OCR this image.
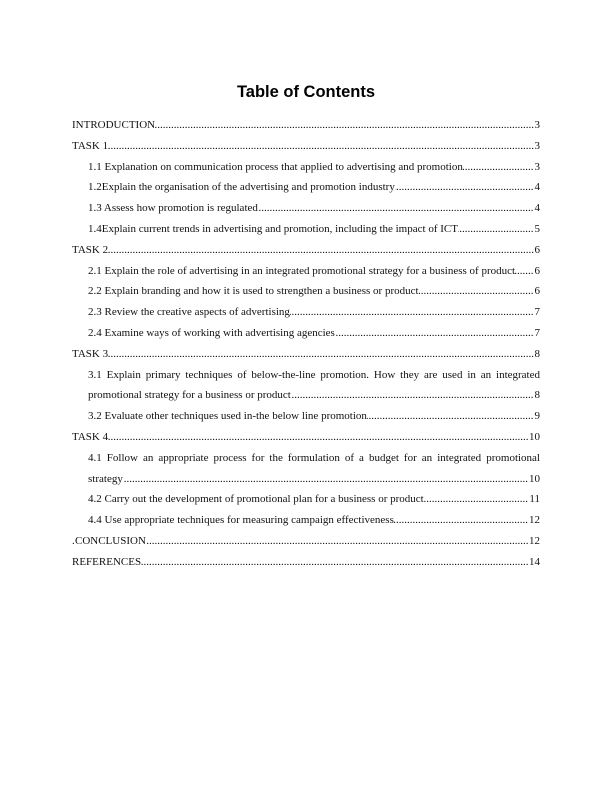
Table of Contents
INTRODUCTION	3
.....
TASK 1	3
.....
1.1 Explanation on communication process that applied to advertising and promotion	3
.....
1.2Explain the organisation of the advertising and promotion industry	4
.....
1.3 Assess how promotion is regulated	4
.....
1.4Explain current trends in advertising and promotion, including the impact of ICT	5
.....
TASK 2	6
.....
2.1 Explain the role of advertising in an integrated promotional strategy for a business of product 6
.....
2.2 Explain branding and how it is used to strengthen a business or product	6
.....
2.3 Review the creative aspects of advertising	7
.....
2.4 Examine ways of working with advertising agencies	7
.....
TASK 3	8
.....
3.1 Explain primary techniques of below-the-line promotion. How they are used in an integrated promotional strategy for a business or product	8
.....
3.2 Evaluate other techniques used in-the below line promotion	9
.....
TASK 4	10
.....
4.1 Follow an appropriate process for the formulation of a budget for an integrated promotional strategy	10
.....
4.2 Carry out the development of promotional plan for a business or product	11
.....
4.4 Use appropriate techniques for measuring campaign effectiveness	12
.....
CONCLUSION	12
.....
REFERENCES	14
.....
